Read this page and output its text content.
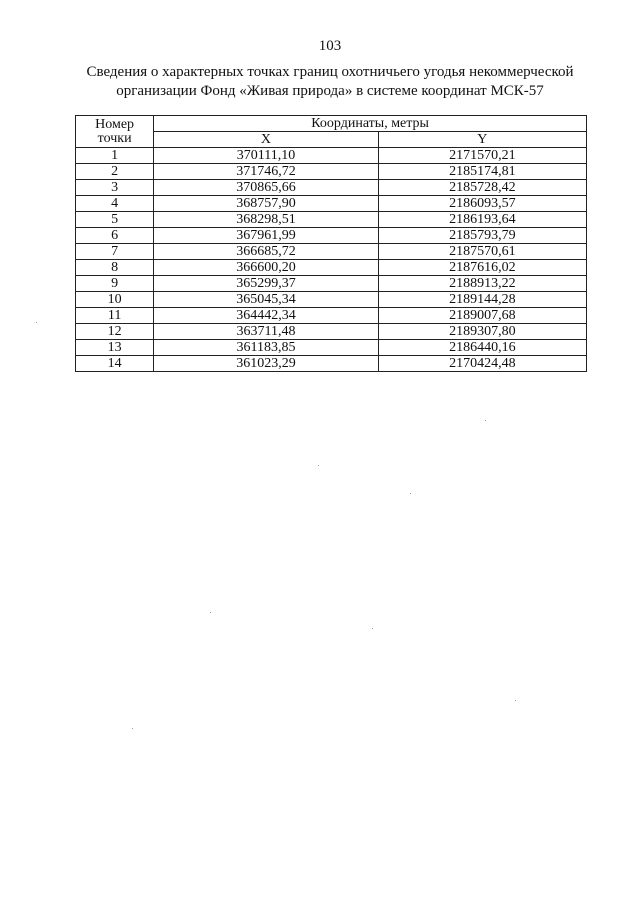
103
Сведения о характерных точках границ охотничьего угодья некоммерческой
организации Фонд «Живая природа» в системе координат МСК-57
Номер
точки	Координаты, метры	
	X	Y
1	370111,10	2171570,21
2	371746,72	2185174,81
3	370865,66	2185728,42
4	368757,90	2186093,57
5	368298,51	2186193,64
6	367961,99	2185793,79
7	366685,72	2187570,61
8	366600,20	2187616,02
9	365299,37	2188913,22
10	365045,34	2189144,28
11	364442,34	2189007,68
12	363711,48	2189307,80
13	361183,85	2186440,16
14	361023,29	2170424,48
